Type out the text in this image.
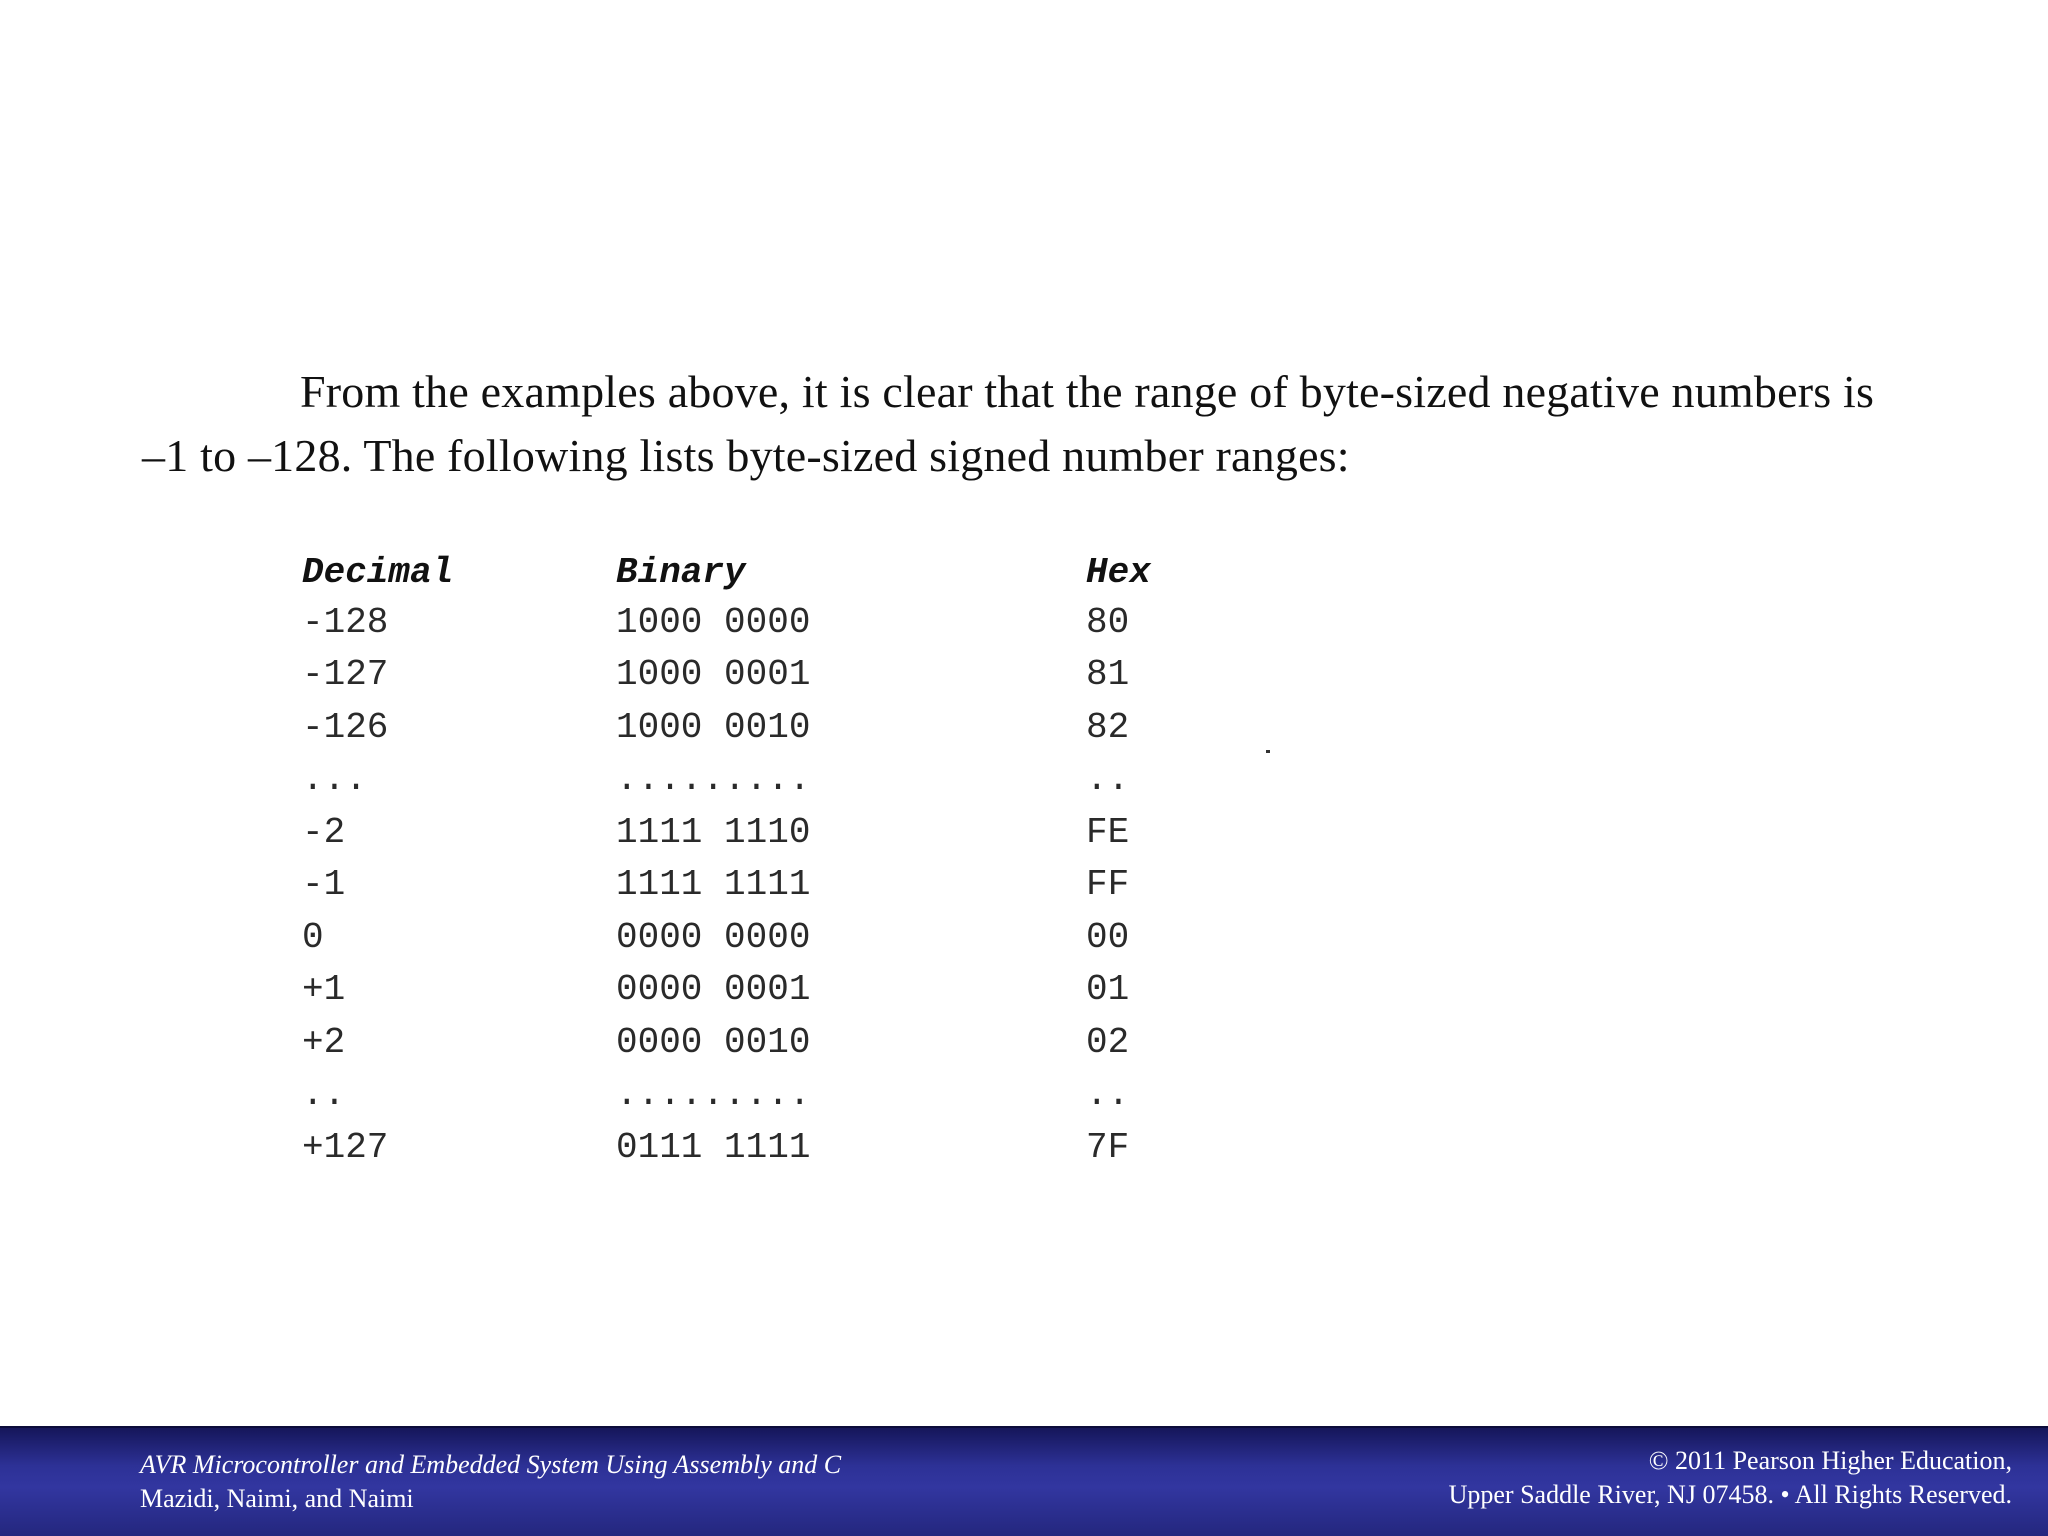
From the examples above, it is clear that the range of byte-sized negative numbers is –1 to –128. The following lists byte-sized signed number ranges:

Decimal	Binary	Hex
-128	1000 0000	80
-127	1000 0001	81
-126	1000 0010	82
...	.........	..
-2	1111 1110	FE
-1	1111 1111	FF
0	0000 0000	00
+1	0000 0001	01
+2	0000 0010	02
..	.........	..
+127	0111 1111	7F
AVR Microcontroller and Embedded System Using Assembly and C
Mazidi, Naimi, and Naimi
© 2011 Pearson Higher Education,
Upper Saddle River, NJ 07458. • All Rights Reserved.
